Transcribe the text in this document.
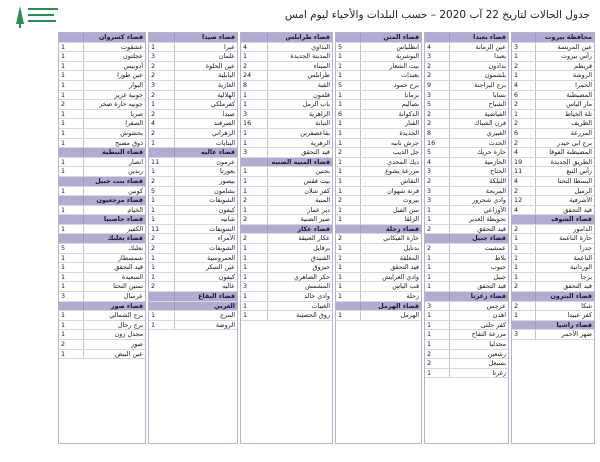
جدول الحالات لتاريخ 22 آب 2020 – حسب البلدات والأحياء ليوم امس
محافظة بيروت
عين المريسة
3
رأس بيروت
1
قريطم
2
الروشة
1
الحمرا
4
المصيطبة
6
مار الياس
2
تلة الخياط
1
الظريف
2
المزرعة
6
برج ابي حيدر
2
المصيطبة الفوقا
4
الطريق الجديدة
19
رأس النبع
11
البسطا التحتا
4
الرميل
2
الأشرفية
12
قيد التحقق
4
قضاء الشوف
الدامور
2
حارة الناعمة
1
جدرا
1
الناعمة
1
الوردانية
1
برجا
1
قيد التحقق
2
قضاء البترون
شكا
2
كفر عبيدا
1
قضاء راشيا
ضهر الأحمر
3
قضاء بعبدا
عين الرمانة
4
بعبدا
3
بدادون
2
بلشمون
2
برج البراجنة
9
بسابا
3
الشياح
5
الفياضية
2
فرن الشباك
2
الغبيري
8
الحدث
16
حارة حريك
5
الحازمية
4
الجناح
3
الليلكة
2
المريجة
3
وادي شحرور
3
الأوزاعي
1
تحويطة الغدير
1
قيد التحقق
2
قضاء جبيل
عمشيت
2
بلاط
1
حبوب
1
جبيل
1
قيد التحقق
1
قضاء زغرتا
عرجس
3
اهدن
1
كفر حلتى
1
مزرعة التفاح
1
مجدليا
1
رشعين
2
بسبعل
2
زغرتا
1
قضاء المتن
انطلياس
5
البوشرية
1
بيت الشعار
1
بعبدات
1
برج حمود
5
برمانا
1
بصاليم
1
الدكوانة
6
الفنار
1
الجديدة
1
جرش نابيه
1
جل الديب
2
ديك المحدي
1
مزرعة يشوع
1
النقاش
1
قرنة شهوان
1
بيروت
2
سن الفيل
1
الزلقا
1
قضاء زحلة
حارة الفيكاني
2
بدنايل
1
المعلقة
1
قيد التحقق
1
وادي العرايش
1
قب الياس
1
زحلة
1
قضاء الهرمل
الهرمل
1
قضاء طرابلس
البداوي
4
المدينة الجديدة
1
الميناء
2
طرابلس
24
القبة
8
قلمون
1
باب الرمل
1
الزاهرية
3
التبانة
16
بقاعصفرين
1
الزهرية
1
قيد التحقق
3
قضاء المنيه الضنيه
بحنين
1
بيت فقس
1
كفر شلان
1
المنية
2
دير عمار
1
صير الضنية
2
قضاء عكار
عكار العتيقة
2
برقايل
1
الفنيدق
1
حيزوق
1
حكر الضاهري
1
المشمش
3
وادي خالد
1
الغيبات
1
زوق الحصينة
1
قضاء صيدا
عبرا
1
علمان
3
عين الحلوة
2
البابلية
2
الغازية
3
الهلالية
2
كفرملكي
1
صيدا
2
الصرفند
4
الزهراني
2
البنايات
1
قضاء عاليه
عرمون
11
بعورتا
1
بيصور
2
بشامون
5
الشويفات
1
كيفون
1
شانيه
1
الشويفات
11
الأمراء
2
الشويفات
2
العمروسية
1
عين السكر
1
كيفون
1
عاليه
2
قضاء البقاع
الغربي
المرج
1
الروضة
1
قضاء كسروان
عشقوت
1
عجلتون
1
أدونيس
1
عين طورا
1
البوار
1
جونية غزير
1
جونيه حارة صخر
2
صربا
1
الصفرا
1
بخشوش
1
ذوق مصبح
1
قضاء النبطية
انصار
1
زبدين
1
قضاء بنت جبيل
كونين
1
قضاء مرجعيون
الخيام
1
قضاء حاصبيا
الكفير
1
قضاء بعلبك
بعلبك
5
شمسطار
1
قيد التحقق
1
السعيدة
1
تمنين التحتا
1
عرسال
3
قضاء صور
برج الشمالي
1
برج رحال
1
مجدل زون
1
صور
2
عين البيض
1
